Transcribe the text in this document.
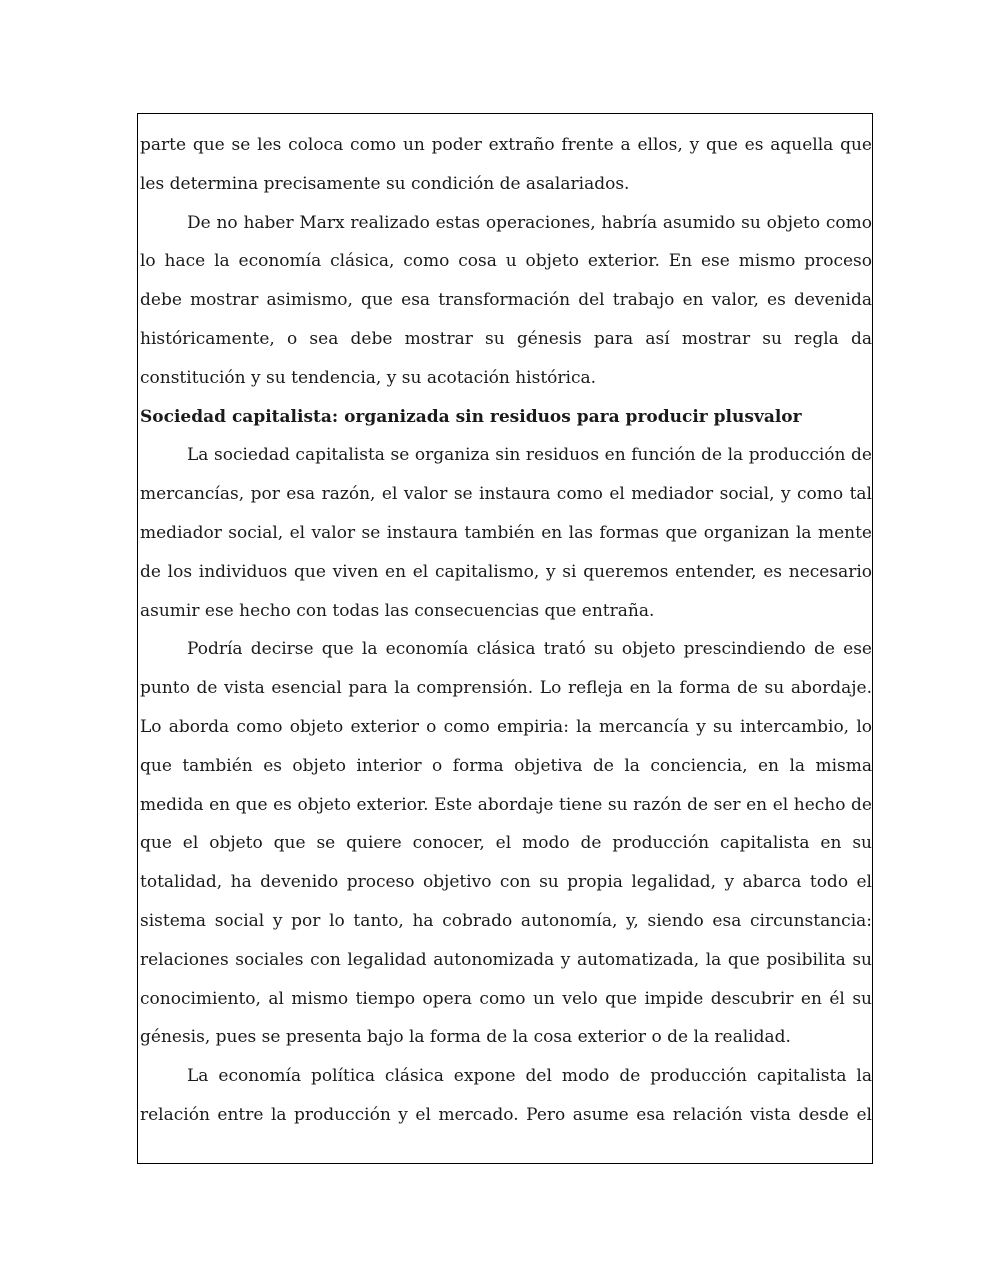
parte que se les coloca como un poder extraño frente a ellos, y que es aquella que les determina precisamente su condición de asalariados.

De no haber Marx realizado estas operaciones, habría asumido su objeto como lo hace la economía clásica, como cosa u objeto exterior. En ese mismo proceso debe mostrar asimismo, que esa transformación del trabajo en valor, es devenida históricamente, o sea debe mostrar su génesis para así mostrar su regla da constitución y su tendencia, y su acotación histórica.

Sociedad capitalista: organizada sin residuos para producir plusvalor

La sociedad capitalista se organiza sin residuos en función de la producción de mercancías, por esa razón, el valor se instaura como el mediador social, y como tal mediador social, el valor se instaura también en las formas que organizan la mente de los individuos que viven en el capitalismo, y si queremos entender, es necesario asumir ese hecho con todas las consecuencias que entraña.

Podría decirse que la economía clásica trató su objeto prescindiendo de ese punto de vista esencial para la comprensión. Lo refleja en la forma de su abordaje. Lo aborda como objeto exterior o como empiria: la mercancía y su intercambio, lo que también es objeto interior o forma objetiva de la conciencia, en la misma medida en que es objeto exterior. Este abordaje tiene su razón de ser en el hecho de que el objeto que se quiere conocer, el modo de producción capitalista en su totalidad, ha devenido proceso objetivo con su propia legalidad, y abarca todo el sistema social y por lo tanto, ha cobrado autonomía, y, siendo esa circunstancia: relaciones sociales con legalidad autonomizada y automatizada, la que posibilita su conocimiento, al mismo tiempo opera como un velo que impide descubrir en él su génesis, pues se presenta bajo la forma de la cosa exterior o de la realidad.

La economía política clásica expone del modo de producción capitalista la relación entre la producción y el mercado. Pero asume esa relación vista desde el
